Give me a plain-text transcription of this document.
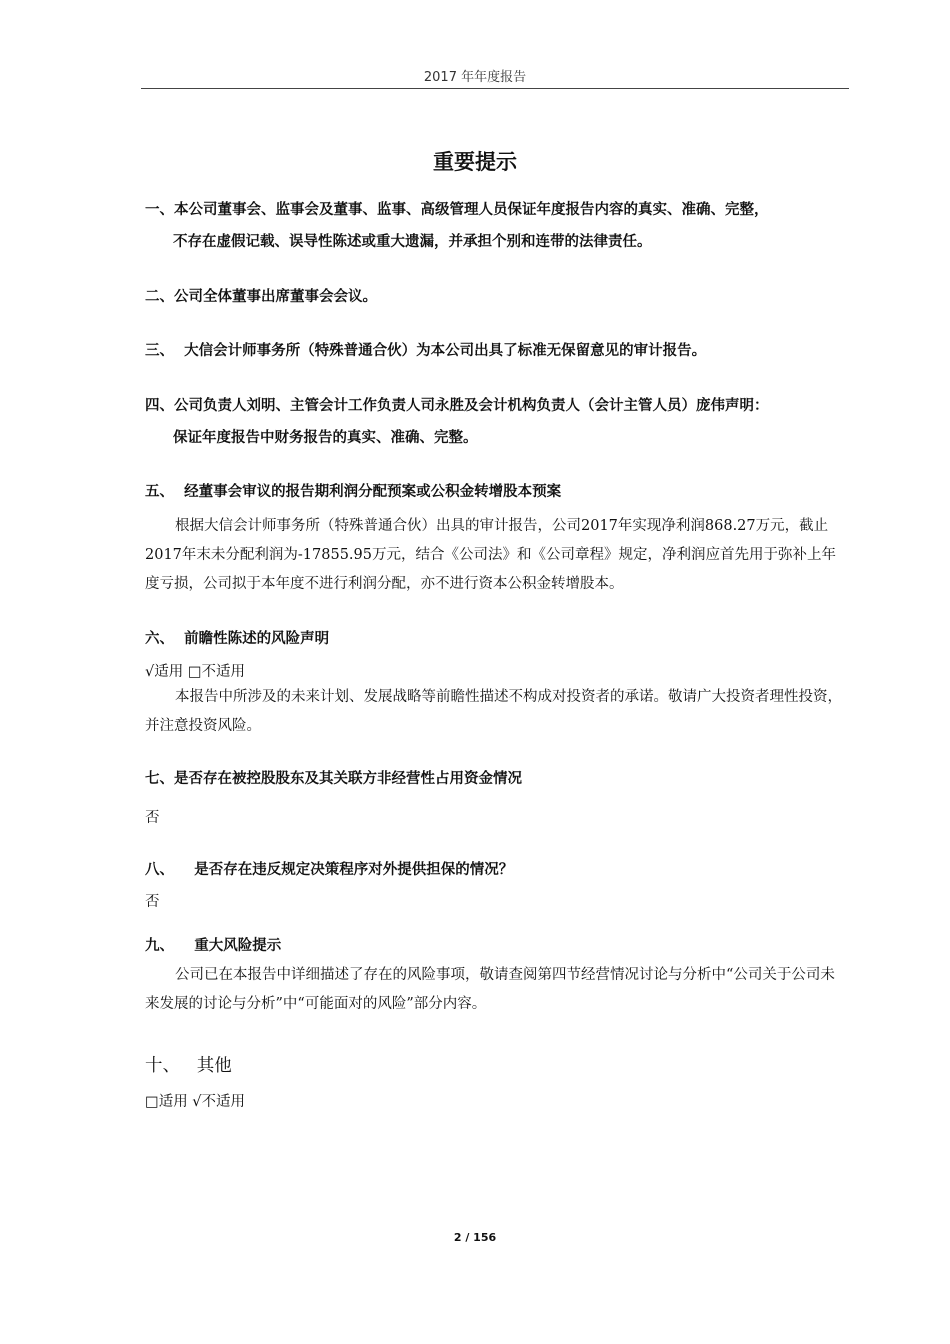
2017 年年度报告
重要提示
一、本公司董事会、监事会及董事、监事、高级管理人员保证年度报告内容的真实、准确、完整，
不存在虚假记载、误导性陈述或重大遗漏，并承担个别和连带的法律责任。
二、公司全体董事出席董事会会议。
三、 大信会计师事务所（特殊普通合伙）为本公司出具了标准无保留意见的审计报告。
四、公司负责人刘明、主管会计工作负责人司永胜及会计机构负责人（会计主管人员）庞伟声明：
保证年度报告中财务报告的真实、准确、完整。
五、 经董事会审议的报告期利润分配预案或公积金转增股本预案
根据大信会计师事务所（特殊普通合伙）出具的审计报告，公司2017年实现净利润868.27万元，截止2017年末未分配利润为-17855.95万元，结合《公司法》和《公司章程》规定，净利润应首先用于弥补上年度亏损，公司拟于本年度不进行利润分配，亦不进行资本公积金转增股本。
六、 前瞻性陈述的风险声明
√适用 □不适用
本报告中所涉及的未来计划、发展战略等前瞻性描述不构成对投资者的承诺。敬请广大投资者理性投资，并注意投资风险。
七、是否存在被控股股东及其关联方非经营性占用资金情况
否
八、 是否存在违反规定决策程序对外提供担保的情况？
否
九、 重大风险提示
公司已在本报告中详细描述了存在的风险事项，敬请查阅第四节经营情况讨论与分析中“公司关于公司未来发展的讨论与分析”中“可能面对的风险”部分内容。
十、 其他
□适用 √不适用
2 / 156
